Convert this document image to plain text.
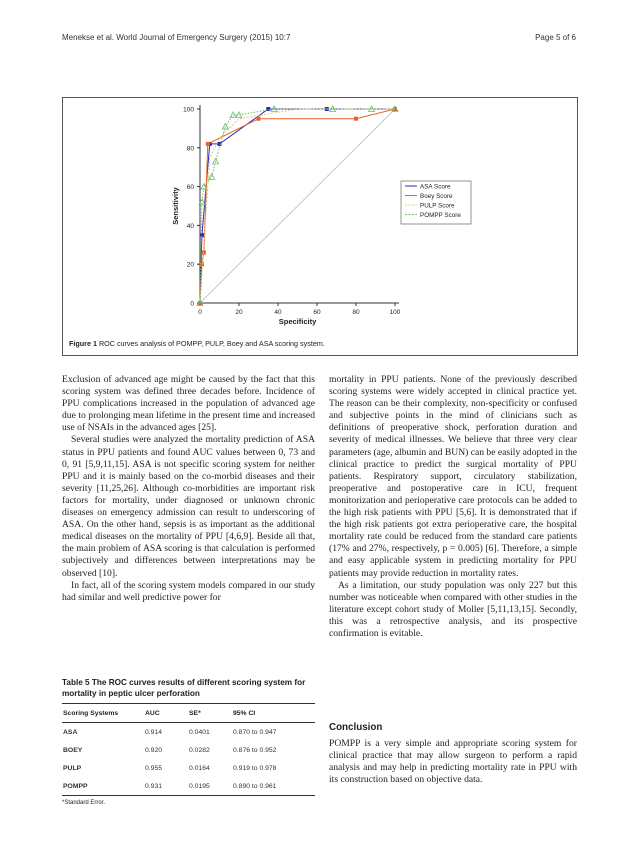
Menekse et al. World Journal of Emergency Surgery (2015) 10:7	Page 5 of 6
0
20
40
60
80
100
0	20	40	60	80	100
Specificity
Sensitivity
ASA Score
Boey Score
PULP Score
POMPP Score
Figure 1 ROC curves analysis of POMPP, PULP, Boey and ASA scoring system.

Exclusion of advanced age might be caused by the fact that this scoring system was defined three decades before. Incidence of PPU complications increased in the population of advanced age due to prolonging mean lifetime in the present time and increased use of NSAIs in the advanced ages [25].

Several studies were analyzed the mortality prediction of ASA status in PPU patients and found AUC values between 0, 73 and 0, 91 [5,9,11,15]. ASA is not specific scoring system for neither PPU and it is mainly based on the co-morbid diseases and their severity [11,25,26]. Although co-morbidities are important risk factors for mortality, under diagnosed or unknown chronic diseases on emergency admission can result to underscoring of ASA. On the other hand, sepsis is as important as the additional medical diseases on the mortality of PPU [4,6,9]. Beside all that, the main problem of ASA scoring is that calculation is performed subjectively and differences between interpretations may be observed [10].

In fact, all of the scoring system models compared in our study had similar and well predictive power for

Table 5 The ROC curves results of different scoring system for mortality in peptic ulcer perforation
Scoring Systems	AUC	SE*	95% CI
ASA	0.914	0.0401	0.870 to 0.947
BOEY	0.920	0.0282	0.876 to 0.952
PULP	0.955	0.0164	0.919 to 0.978
POMPP	0.931	0.0195	0.890 to 0.961
*Standard Error.

mortality in PPU patients. None of the previously described scoring systems were widely accepted in clinical practice yet. The reason can be their complexity, non-specificity or confused and subjective points in the mind of clinicians such as definitions of preoperative shock, perforation duration and severity of medical illnesses. We believe that three very clear parameters (age, albumin and BUN) can be easily adopted in the clinical practice to predict the surgical mortality of PPU patients. Respiratory support, circulatory stabilization, preoperative and postoperative care in ICU, frequent monitorization and perioperative care protocols can be added to the high risk patients with PPU [5,6]. It is demonstrated that if the high risk patients got extra perioperative care, the hospital mortality rate could be reduced from the standard care patients (17% and 27%, respectively, p = 0.005) [6]. Therefore, a simple and easy applicable system in predicting mortality for PPU patients may provide reduction in mortality rates.

As a limitation, our study population was only 227 but this number was noticeable when compared with other studies in the literature except cohort study of Moller [5,11,13,15]. Secondly, this was a retrospective analysis, and its prospective confirmation is evitable.

Conclusion

POMPP is a very simple and appropriate scoring system for clinical practice that may allow surgeon to perform a rapid analysis and may help in predicting mortality rate in PPU with its construction based on objective data.
